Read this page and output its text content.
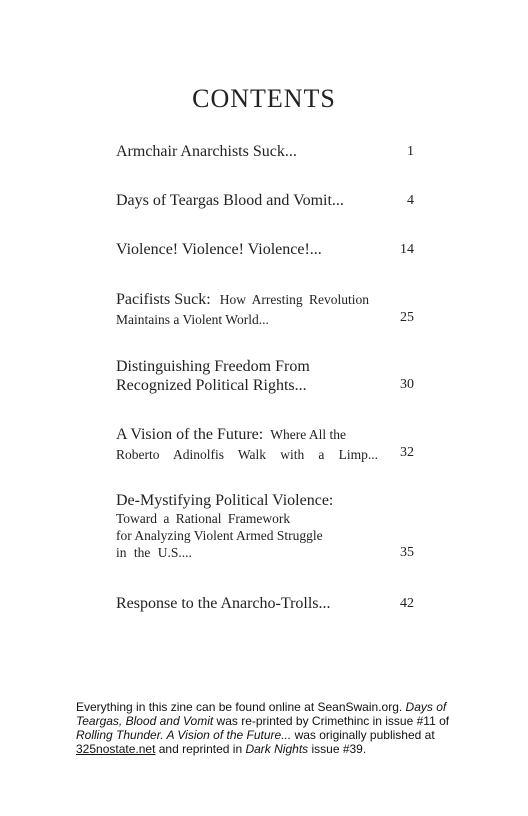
CONTENTS
Armchair Anarchists Suck...	1
Days of Teargas Blood and Vomit...	4
Violence! Violence! Violence!...	14
Pacifists Suck: How Arresting Revolution
Maintains a Violent World...	25
Distinguishing Freedom From
Recognized Political Rights...	30
A Vision of the Future: Where All the
Roberto Adinolfis Walk with a Limp... 32
De-Mystifying Political Violence:
Toward a Rational Framework
for Analyzing Violent Armed Struggle
in the U.S....	35
Response to the Anarcho-Trolls...	42
Everything in this zine can be found online at SeanSwain.org. Days of Teargas, Blood and Vomit was re-printed by Crimethinc in issue #11 of Rolling Thunder. A Vision of the Future... was originally published at 325nostate.net and reprinted in Dark Nights issue #39.
